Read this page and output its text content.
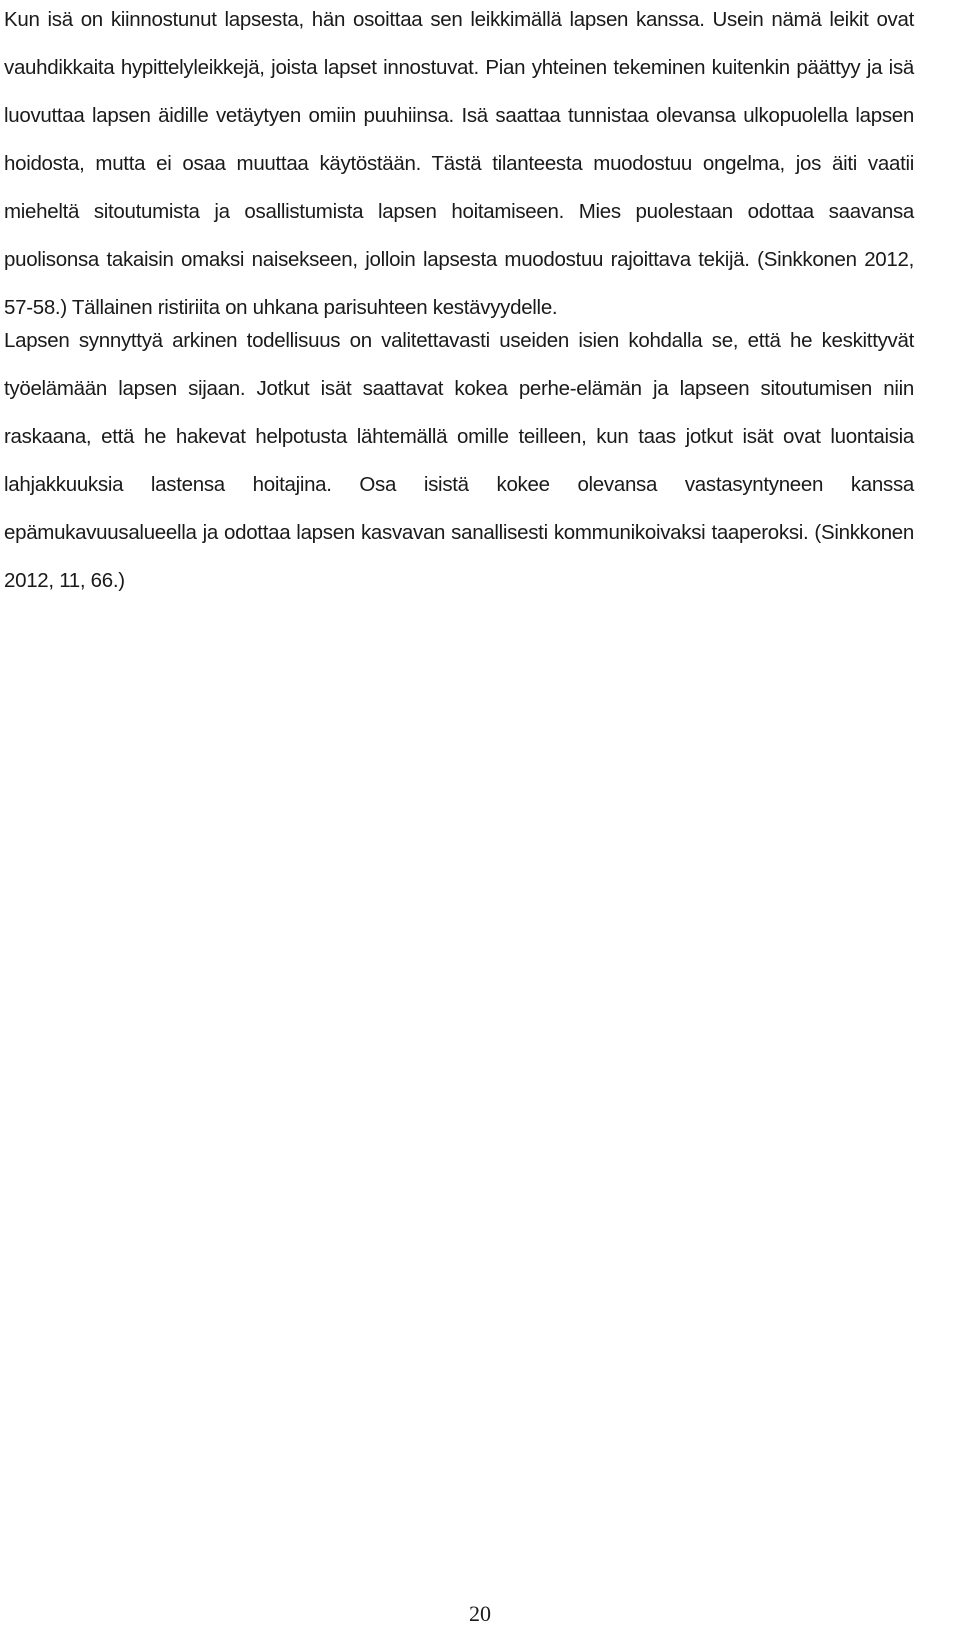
Kun isä on kiinnostunut lapsesta, hän osoittaa sen leikkimällä lapsen kanssa. Usein nämä leikit ovat vauhdikkaita hypittelyleikkejä, joista lapset innostuvat. Pian yhteinen tekeminen kuitenkin päättyy ja isä luovuttaa lapsen äidille vetäytyen omiin puuhiinsa. Isä saattaa tunnistaa olevansa ulkopuolella lapsen hoidosta, mutta ei osaa muuttaa käytöstään. Tästä tilanteesta muodostuu ongelma, jos äiti vaatii mieheltä sitoutumista ja osallistumista lapsen hoitamiseen. Mies puolestaan odottaa saavansa puolisonsa takaisin omaksi naisekseen, jolloin lapsesta muodostuu rajoittava tekijä. (Sinkkonen 2012, 57-58.) Tällainen ristiriita on uhkana parisuhteen kestävyydelle.

Lapsen synnyttyä arkinen todellisuus on valitettavasti useiden isien kohdalla se, että he keskittyvät työelämään lapsen sijaan. Jotkut isät saattavat kokea perhe-elämän ja lapseen sitoutumisen niin raskaana, että he hakevat helpotusta lähtemällä omille teilleen, kun taas jotkut isät ovat luontaisia lahjakkuuksia lastensa hoitajina. Osa isistä kokee olevansa vastasyntyneen kanssa epämukavuusalueella ja odottaa lapsen kasvavan sanallisesti kommunikoivaksi taaperoksi. (Sinkkonen 2012, 11, 66.)

20
